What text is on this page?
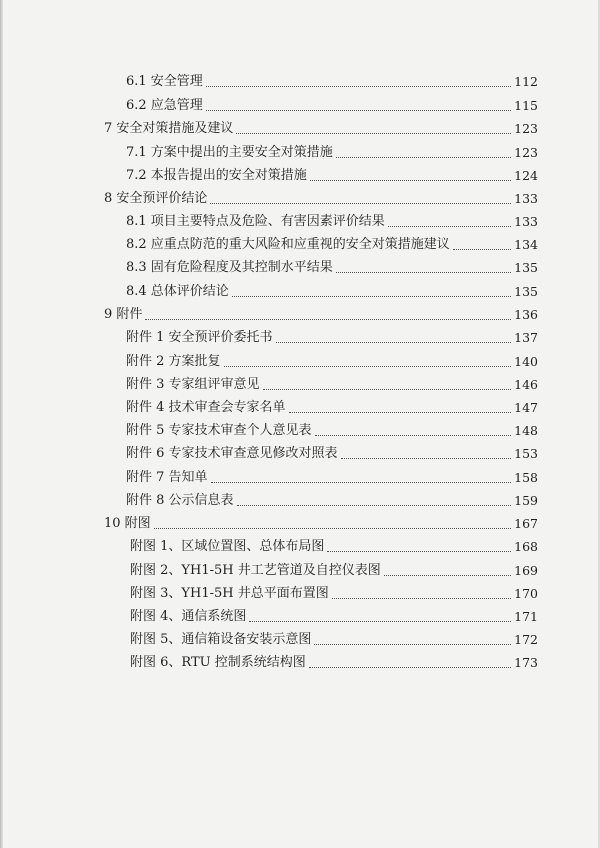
6.1 安全管理	112
6.2 应急管理	115
7 安全对策措施及建议	123
7.1 方案中提出的主要安全对策措施	123
7.2 本报告提出的安全对策措施	124
8 安全预评价结论	133
8.1 项目主要特点及危险、有害因素评价结果	133
8.2 应重点防范的重大风险和应重视的安全对策措施建议	134
8.3 固有危险程度及其控制水平结果	135
8.4 总体评价结论	135
9 附件	136
附件 1 安全预评价委托书	137
附件 2 方案批复	140
附件 3 专家组评审意见	146
附件 4 技术审查会专家名单	147
附件 5 专家技术审查个人意见表	148
附件 6 专家技术审查意见修改对照表	153
附件 7 告知单	158
附件 8 公示信息表	159
10 附图	167
附图 1、区域位置图、总体布局图	168
附图 2、YH1-5H 井工艺管道及自控仪表图	169
附图 3、YH1-5H 井总平面布置图	170
附图 4、通信系统图	171
附图 5、通信箱设备安装示意图	172
附图 6、RTU 控制系统结构图	173
